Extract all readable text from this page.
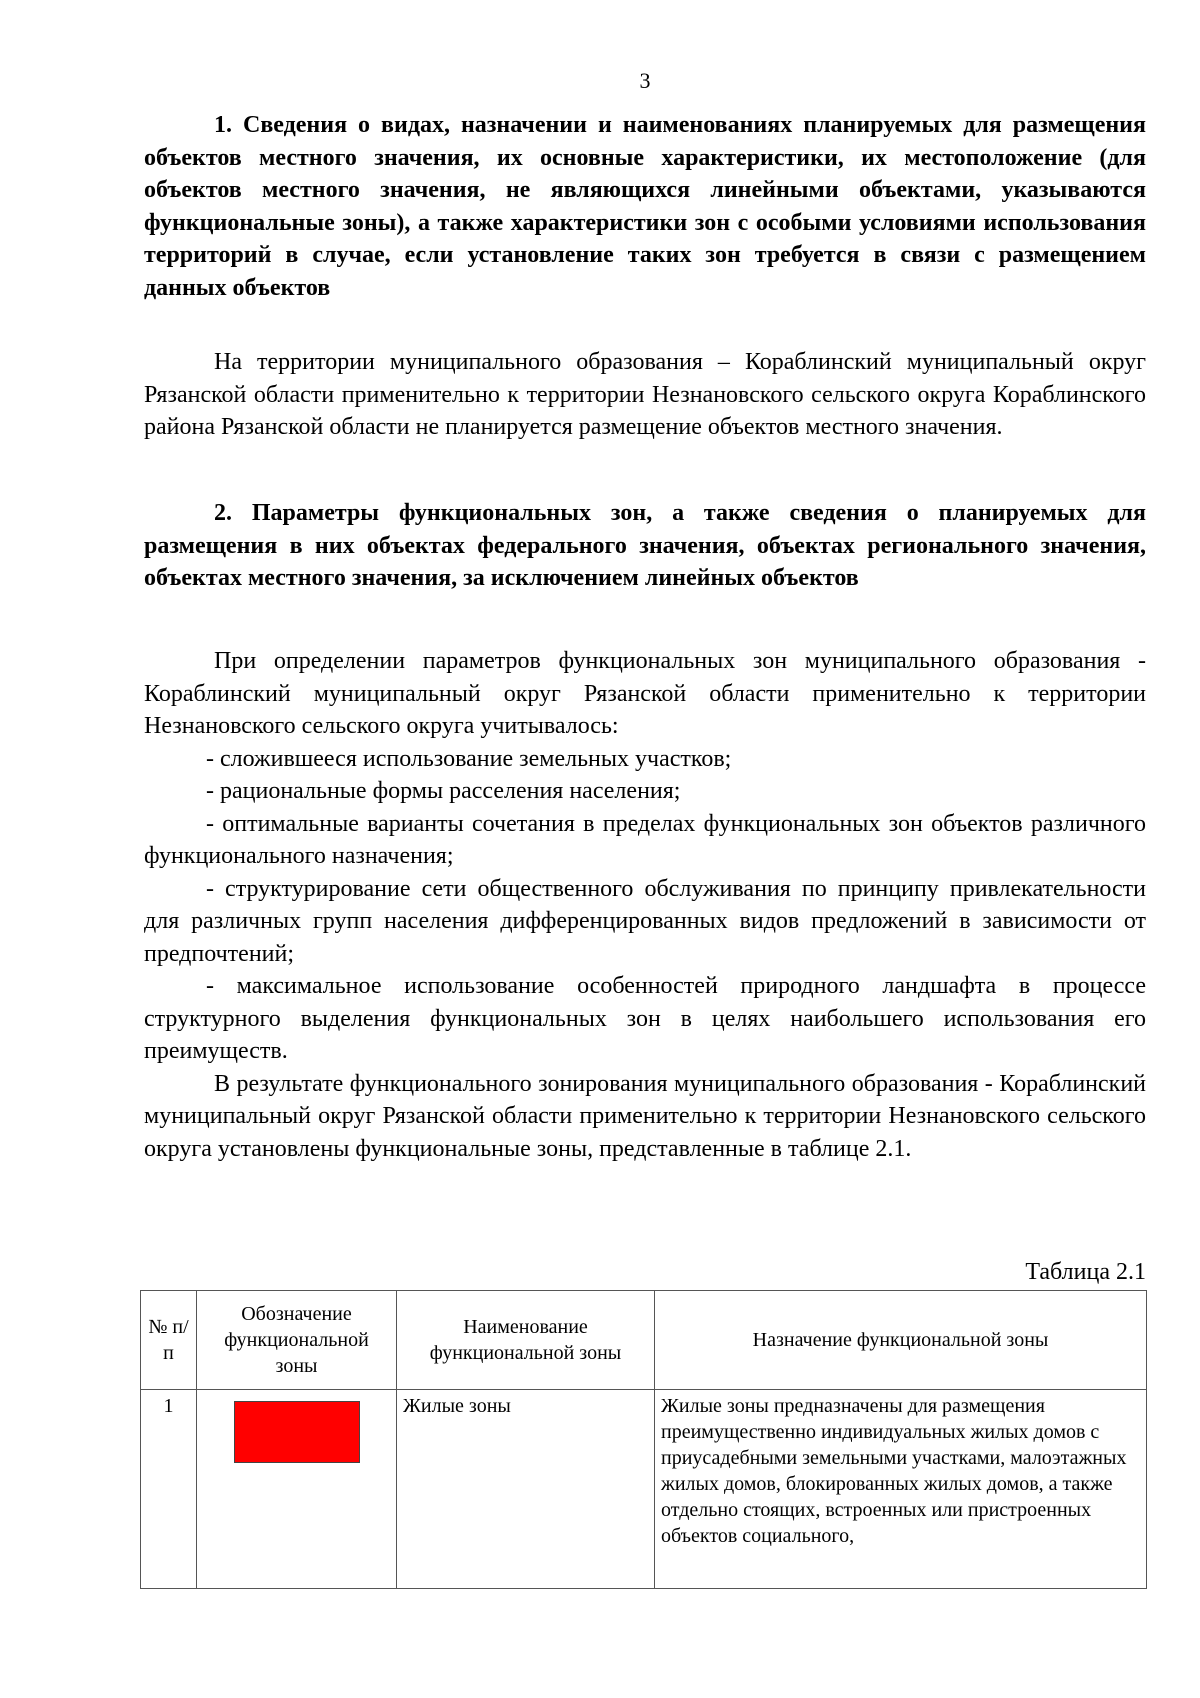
3
1. Сведения о видах, назначении и наименованиях планируемых для размещения объектов местного значения, их основные характеристики, их местоположение (для объектов местного значения, не являющихся линейными объектами, указываются функциональные зоны), а также характеристики зон с особыми условиями использования территорий в случае, если установление таких зон требуется в связи с размещением данных объектов
На территории муниципального образования – Кораблинский муниципальный округ Рязанской области применительно к территории Незнановского сельского округа Кораблинского района Рязанской области не планируется размещение объектов местного значения.
2. Параметры функциональных зон, а также сведения о планируемых для размещения в них объектах федерального значения, объектах регионального значения, объектах местного значения, за исключением линейных объектов
При определении параметров функциональных зон муниципального образования - Кораблинский муниципальный округ Рязанской области применительно к территории Незнановского сельского округа учитывалось:
- сложившееся использование земельных участков;
- рациональные формы расселения населения;
- оптимальные варианты сочетания в пределах функциональных зон объектов различного функционального назначения;
- структурирование сети общественного обслуживания по принципу привлекательности для различных групп населения дифференцированных видов предложений в зависимости от предпочтений;
- максимальное использование особенностей природного ландшафта в процессе структурного выделения функциональных зон в целях наибольшего использования его преимуществ.
В результате функционального зонирования муниципального образования - Кораблинский муниципальный округ Рязанской области применительно к территории Незнановского сельского округа установлены функциональные зоны, представленные в таблице 2.1.
Таблица 2.1
№ п/п	Обозначение функциональной зоны	Наименование функциональной зоны	Назначение функциональной зоны
1		Жилые зоны	Жилые зоны предназначены для размещения преимущественно индивидуальных жилых домов с приусадебными земельными участками, малоэтажных жилых домов, блокированных жилых домов, а также отдельно стоящих, встроенных или пристроенных объектов социального,
